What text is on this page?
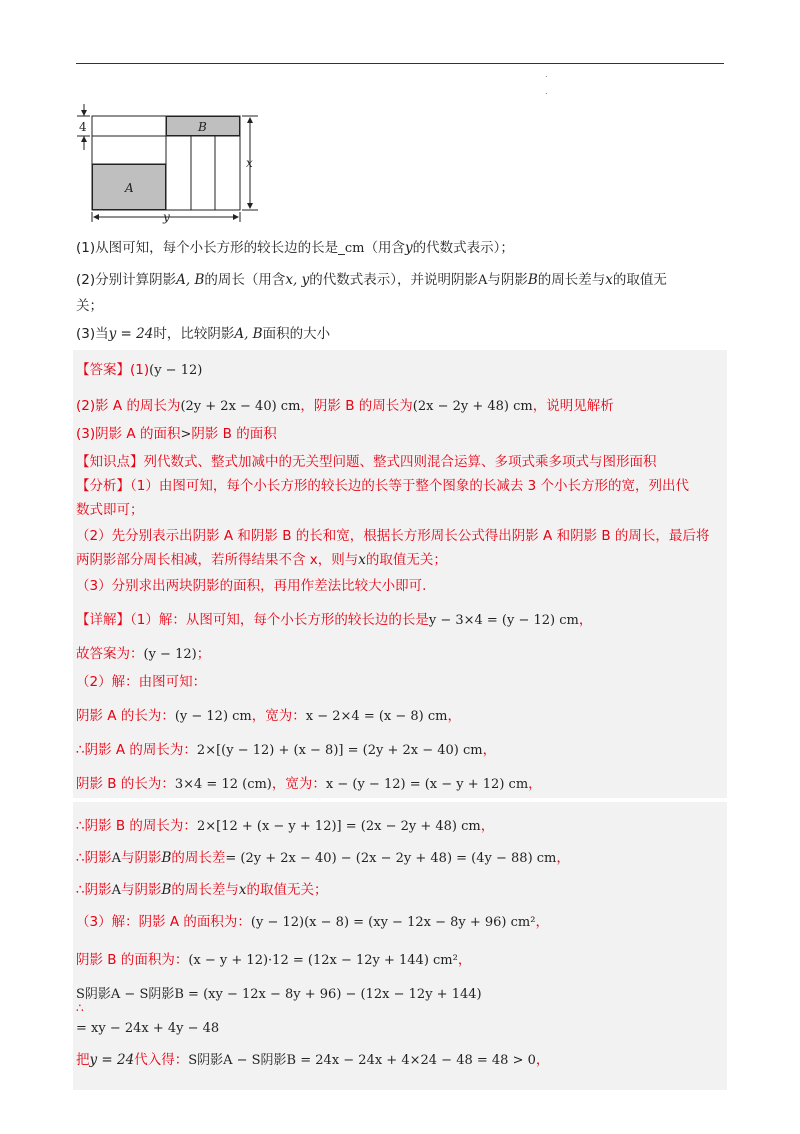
.
.
B
A
4
x
y
(1)从图可知，每个小长方形的较长边的长是_cm（用含y的代数式表示）；
(2)分别计算阴影A, B的周长（用含x, y的代数式表示），并说明阴影A与阴影B的周长差与x的取值无
关；
(3)当y = 24时，比较阴影A, B面积的大小
【答案】(1)(y − 12)
(2)影 A 的周长为(2y + 2x − 40) cm，阴影 B 的周长为(2x − 2y + 48) cm，说明见解析
(3)阴影 A 的面积>阴影 B 的面积
【知识点】列代数式、整式加减中的无关型问题、整式四则混合运算、多项式乘多项式与图形面积
【分析】（1）由图可知，每个小长方形的较长边的长等于整个图象的长减去 3 个小长方形的宽，列出代
数式即可；
（2）先分别表示出阴影 A 和阴影 B 的长和宽，根据长方形周长公式得出阴影 A 和阴影 B 的周长，最后将
两阴影部分周长相减，若所得结果不含 x，则与x的取值无关；
（3）分别求出两块阴影的面积，再用作差法比较大小即可.
【详解】（1）解：从图可知，每个小长方形的较长边的长是y − 3×4 = (y − 12) cm，
故答案为：(y − 12)；
（2）解：由图可知：
阴影 A 的长为：(y − 12) cm，宽为：x − 2×4 = (x − 8) cm，
∴阴影 A 的周长为：2×[(y − 12) + (x − 8)] = (2y + 2x − 40) cm，
阴影 B 的长为：3×4 = 12 (cm)，宽为：x − (y − 12) = (x − y + 12) cm，
∴阴影 B 的周长为：2×[12 + (x − y + 12)] = (2x − 2y + 48) cm，
∴阴影A与阴影B的周长差= (2y + 2x − 40) − (2x − 2y + 48) = (4y − 88) cm，
∴阴影A与阴影B的周长差与x的取值无关；
（3）解：阴影 A 的面积为：(y − 12)(x − 8) = (xy − 12x − 8y + 96) cm²，
阴影 B 的面积为：(x − y + 12)·12 = (12x − 12y + 144) cm²，
S阴影A − S阴影B = (xy − 12x − 8y + 96) − (12x − 12y + 144)
∴
= xy − 24x + 4y − 48
把y = 24代入得：S阴影A − S阴影B = 24x − 24x + 4×24 − 48 = 48 > 0，
